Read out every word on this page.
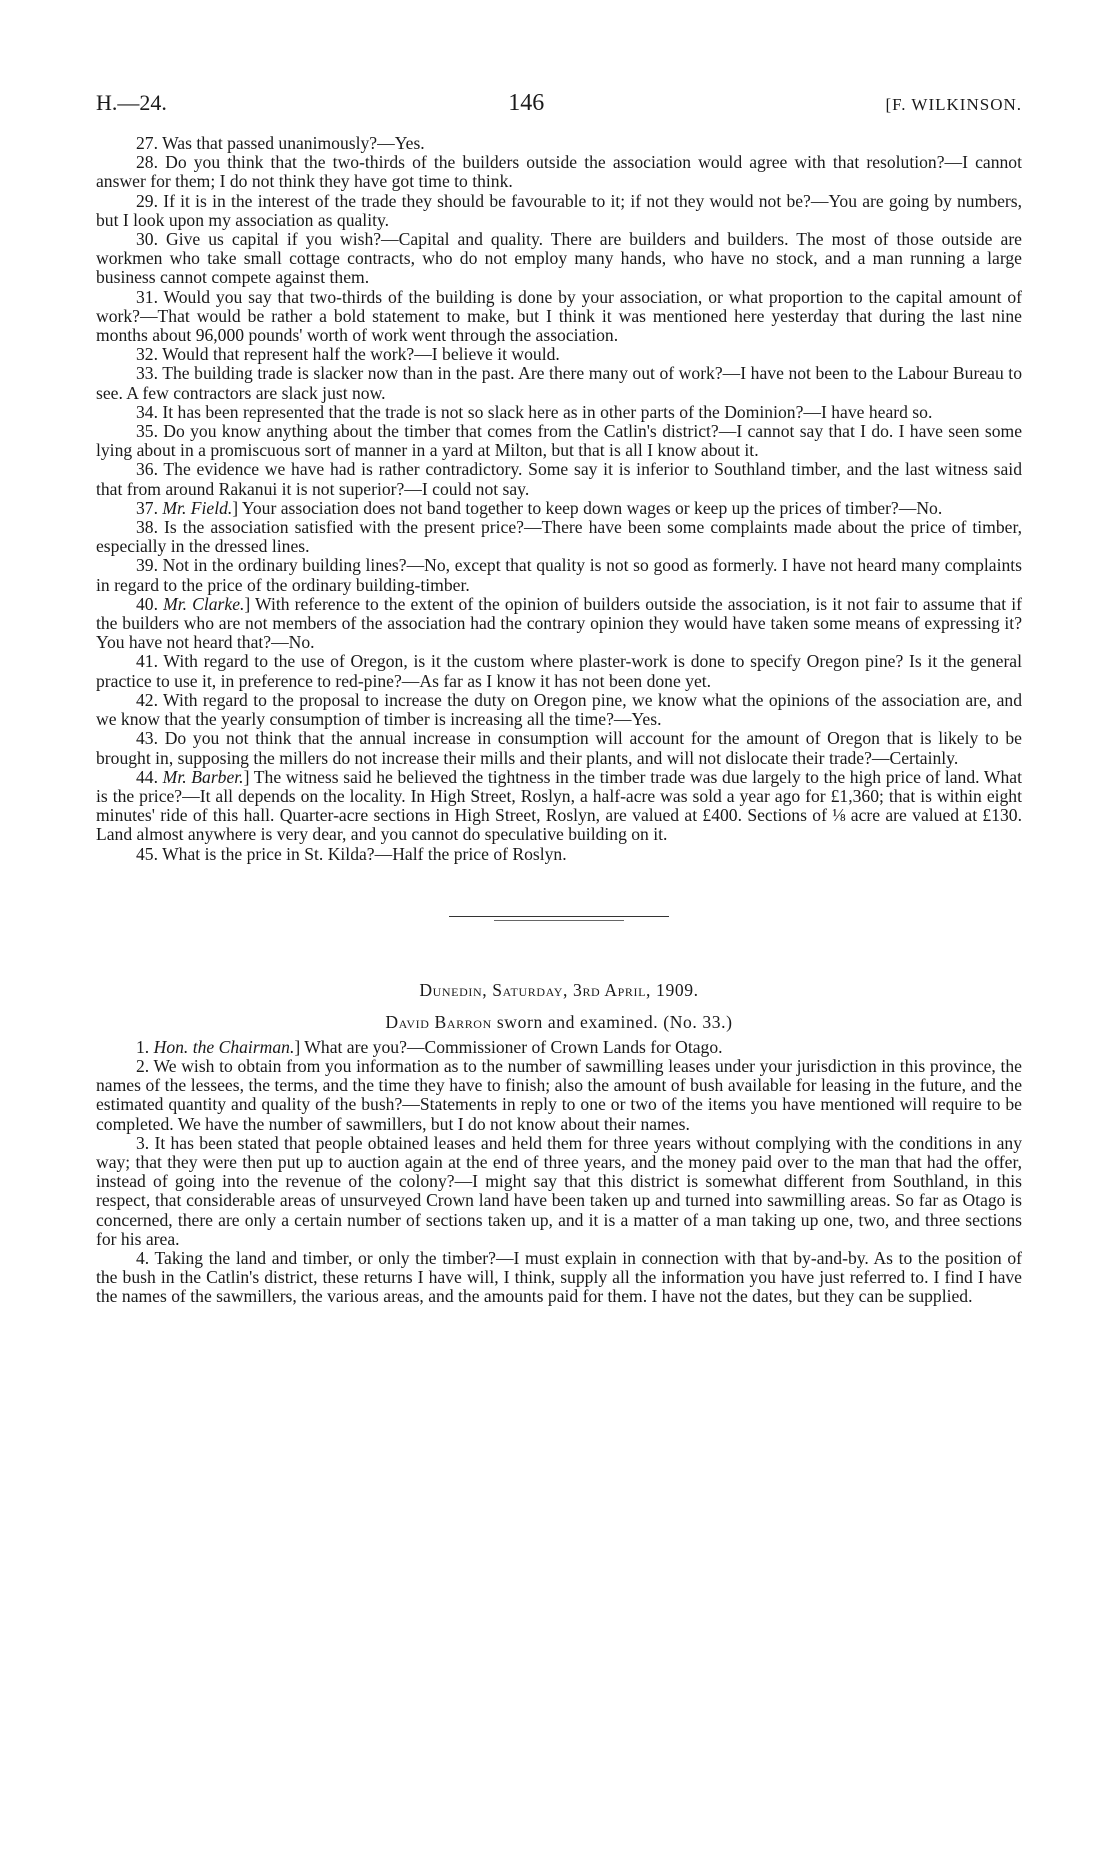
H.—24.	146	[F. WILKINSON.

27. Was that passed unanimously?—Yes.

28. Do you think that the two-thirds of the builders outside the association would agree with that resolution?—I cannot answer for them; I do not think they have got time to think.

29. If it is in the interest of the trade they should be favourable to it; if not they would not be?—You are going by numbers, but I look upon my association as quality.

30. Give us capital if you wish?—Capital and quality. There are builders and builders. The most of those outside are workmen who take small cottage contracts, who do not employ many hands, who have no stock, and a man running a large business cannot compete against them.

31. Would you say that two-thirds of the building is done by your association, or what proportion to the capital amount of work?—That would be rather a bold statement to make, but I think it was mentioned here yesterday that during the last nine months about 96,000 pounds' worth of work went through the association.

32. Would that represent half the work?—I believe it would.

33. The building trade is slacker now than in the past. Are there many out of work?—I have not been to the Labour Bureau to see. A few contractors are slack just now.

34. It has been represented that the trade is not so slack here as in other parts of the Dominion?—I have heard so.

35. Do you know anything about the timber that comes from the Catlin's district?—I cannot say that I do. I have seen some lying about in a promiscuous sort of manner in a yard at Milton, but that is all I know about it.

36. The evidence we have had is rather contradictory. Some say it is inferior to Southland timber, and the last witness said that from around Rakanui it is not superior?—I could not say.

37. Mr. Field.] Your association does not band together to keep down wages or keep up the prices of timber?—No.

38. Is the association satisfied with the present price?—There have been some complaints made about the price of timber, especially in the dressed lines.

39. Not in the ordinary building lines?—No, except that quality is not so good as formerly. I have not heard many complaints in regard to the price of the ordinary building-timber.

40. Mr. Clarke.] With reference to the extent of the opinion of builders outside the association, is it not fair to assume that if the builders who are not members of the association had the contrary opinion they would have taken some means of expressing it? You have not heard that?—No.

41. With regard to the use of Oregon, is it the custom where plaster-work is done to specify Oregon pine? Is it the general practice to use it, in preference to red-pine?—As far as I know it has not been done yet.

42. With regard to the proposal to increase the duty on Oregon pine, we know what the opinions of the association are, and we know that the yearly consumption of timber is increasing all the time?—Yes.

43. Do you not think that the annual increase in consumption will account for the amount of Oregon that is likely to be brought in, supposing the millers do not increase their mills and their plants, and will not dislocate their trade?—Certainly.

44. Mr. Barber.] The witness said he believed the tightness in the timber trade was due largely to the high price of land. What is the price?—It all depends on the locality. In High Street, Roslyn, a half-acre was sold a year ago for £1,360; that is within eight minutes' ride of this hall. Quarter-acre sections in High Street, Roslyn, are valued at £400. Sections of ⅛ acre are valued at £130. Land almost anywhere is very dear, and you cannot do speculative building on it.

45. What is the price in St. Kilda?—Half the price of Roslyn.

Dunedin, Saturday, 3rd April, 1909.

David Barron sworn and examined. (No. 33.)

1. Hon. the Chairman.] What are you?—Commissioner of Crown Lands for Otago.

2. We wish to obtain from you information as to the number of sawmilling leases under your jurisdiction in this province, the names of the lessees, the terms, and the time they have to finish; also the amount of bush available for leasing in the future, and the estimated quantity and quality of the bush?—Statements in reply to one or two of the items you have mentioned will require to be completed. We have the number of sawmillers, but I do not know about their names.

3. It has been stated that people obtained leases and held them for three years without complying with the conditions in any way; that they were then put up to auction again at the end of three years, and the money paid over to the man that had the offer, instead of going into the revenue of the colony?—I might say that this district is somewhat different from Southland, in this respect, that considerable areas of unsurveyed Crown land have been taken up and turned into sawmilling areas. So far as Otago is concerned, there are only a certain number of sections taken up, and it is a matter of a man taking up one, two, and three sections for his area.

4. Taking the land and timber, or only the timber?—I must explain in connection with that by-and-by. As to the position of the bush in the Catlin's district, these returns I have will, I think, supply all the information you have just referred to. I find I have the names of the sawmillers, the various areas, and the amounts paid for them. I have not the dates, but they can be supplied.
